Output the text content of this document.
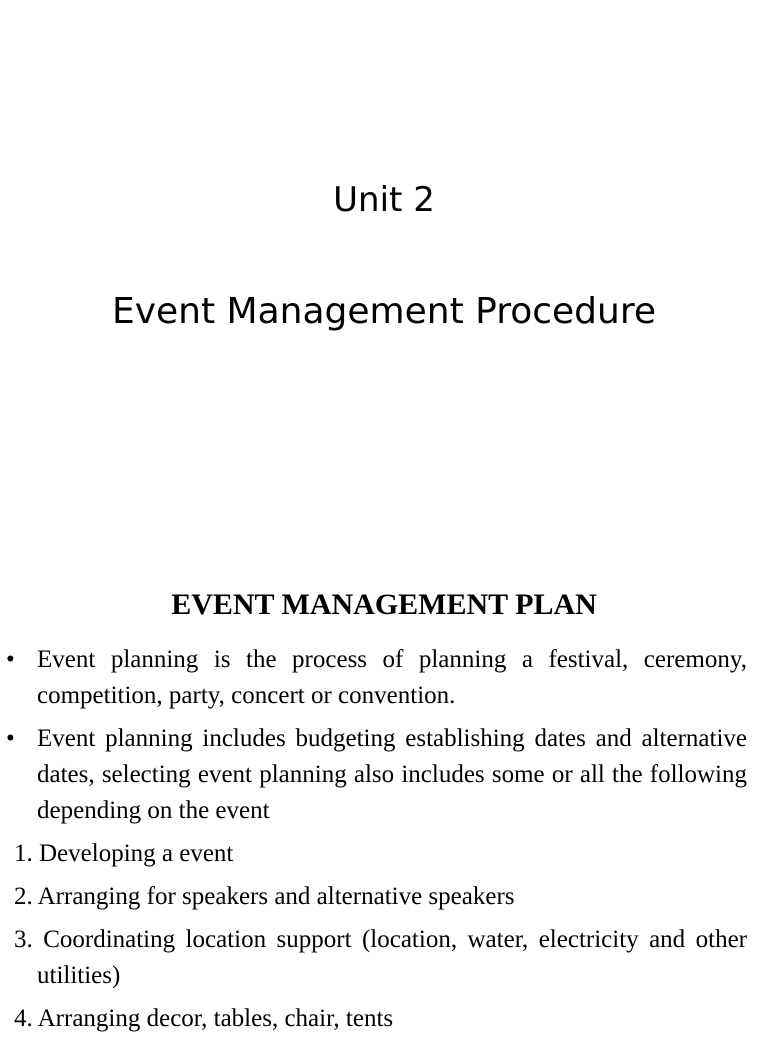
Unit 2
Event Management Procedure
EVENT MANAGEMENT PLAN
• Event planning is the process of planning a festival, ceremony, competition, party, concert or convention.
• Event planning includes budgeting establishing dates and alternative dates, selecting event planning also includes some or all the following depending on the event
1. Developing a event
2. Arranging for speakers and alternative speakers
3. Coordinating location support (location, water, electricity and other utilities)
4. Arranging decor, tables, chair, tents
